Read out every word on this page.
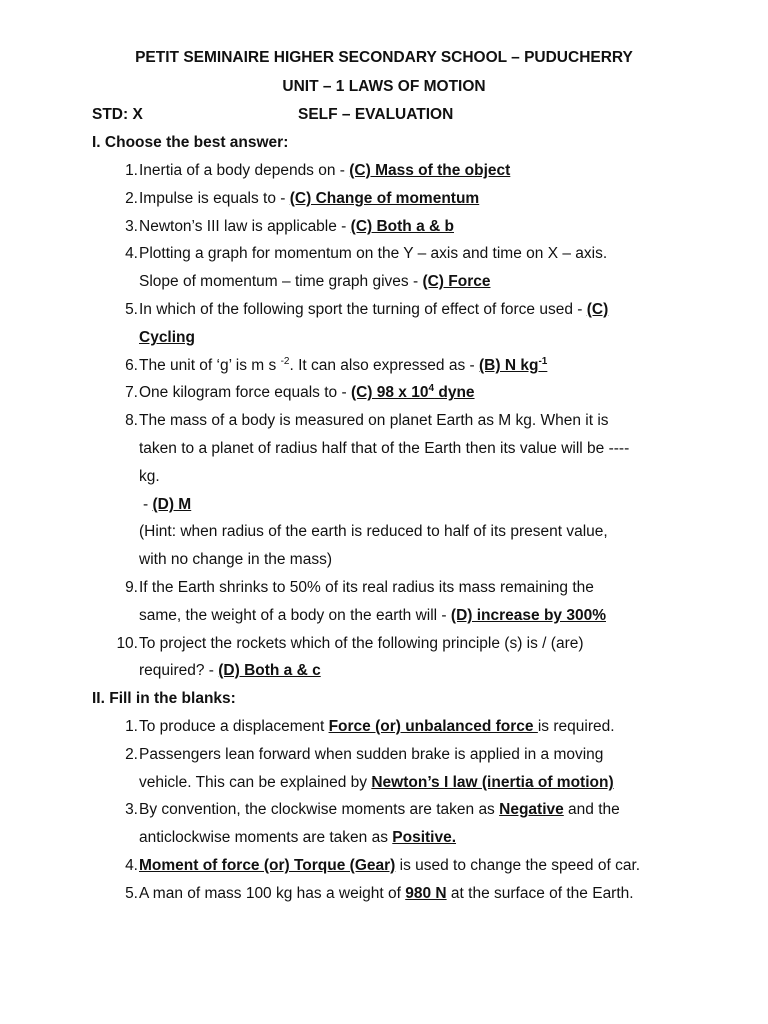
PETIT SEMINAIRE HIGHER SECONDARY SCHOOL – PUDUCHERRY
UNIT – 1 LAWS OF MOTION
STD: X	SELF – EVALUATION
I. Choose the best answer:
1. Inertia of a body depends on - (C) Mass of the object
2. Impulse is equals to - (C) Change of momentum
3. Newton’s III law is applicable - (C) Both a & b
4. Plotting a graph for momentum on the Y – axis and time on X – axis.
Slope of momentum – time graph gives - (C) Force
5. In which of the following sport the turning of effect of force used - (C)
Cycling
6. The unit of ‘g’ is m s $^{-2}$. It can also expressed as - (B) N $kg^{-1}$
7. One kilogram force equals to - (C) 98 x $10^4$ dyne
8. The mass of a body is measured on planet Earth as M kg. When it is
taken to a planet of radius half that of the Earth then its value will be ----
kg.
- (D) M
(Hint: when radius of the earth is reduced to half of its present value,
with no change in the mass)
9. If the Earth shrinks to 50% of its real radius its mass remaining the
same, the weight of a body on the earth will - (D) increase by 300%
10. To project the rockets which of the following principle (s) is / (are)
required? - (D) Both a & c
II. Fill in the blanks:
1. To produce a displacement Force (or) unbalanced force is required.
2. Passengers lean forward when sudden brake is applied in a moving
vehicle. This can be explained by Newton’s I law (inertia of motion)
3. By convention, the clockwise moments are taken as Negative and the
anticlockwise moments are taken as Positive.
4. Moment of force (or) Torque (Gear) is used to change the speed of car.
5. A man of mass 100 kg has a weight of 980 N at the surface of the Earth.
